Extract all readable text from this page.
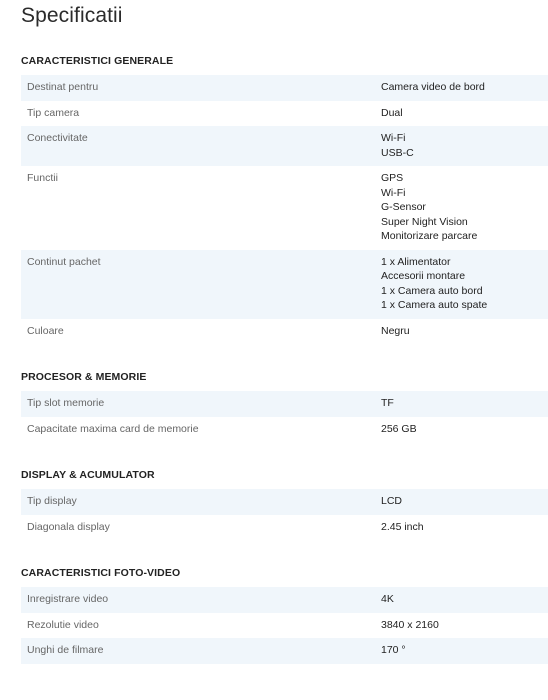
Specificatii
CARACTERISTICI GENERALE
Destinat pentru	Camera video de bord

Tip camera	Dual

Conectivitate	Wi-Fi
USB-C

Functii	GPS
Wi-Fi
G-Sensor
Super Night Vision
Monitorizare parcare

Continut pachet	1 x Alimentator
Accesorii montare
1 x Camera auto bord
1 x Camera auto spate

Culoare	Negru
PROCESOR & MEMORIE
Tip slot memorie	TF

Capacitate maxima card de memorie	256 GB
DISPLAY & ACUMULATOR
Tip display	LCD

Diagonala display	2.45 inch
CARACTERISTICI FOTO-VIDEO
Inregistrare video	4K

Rezolutie video	3840 x 2160

Unghi de filmare	170 °
